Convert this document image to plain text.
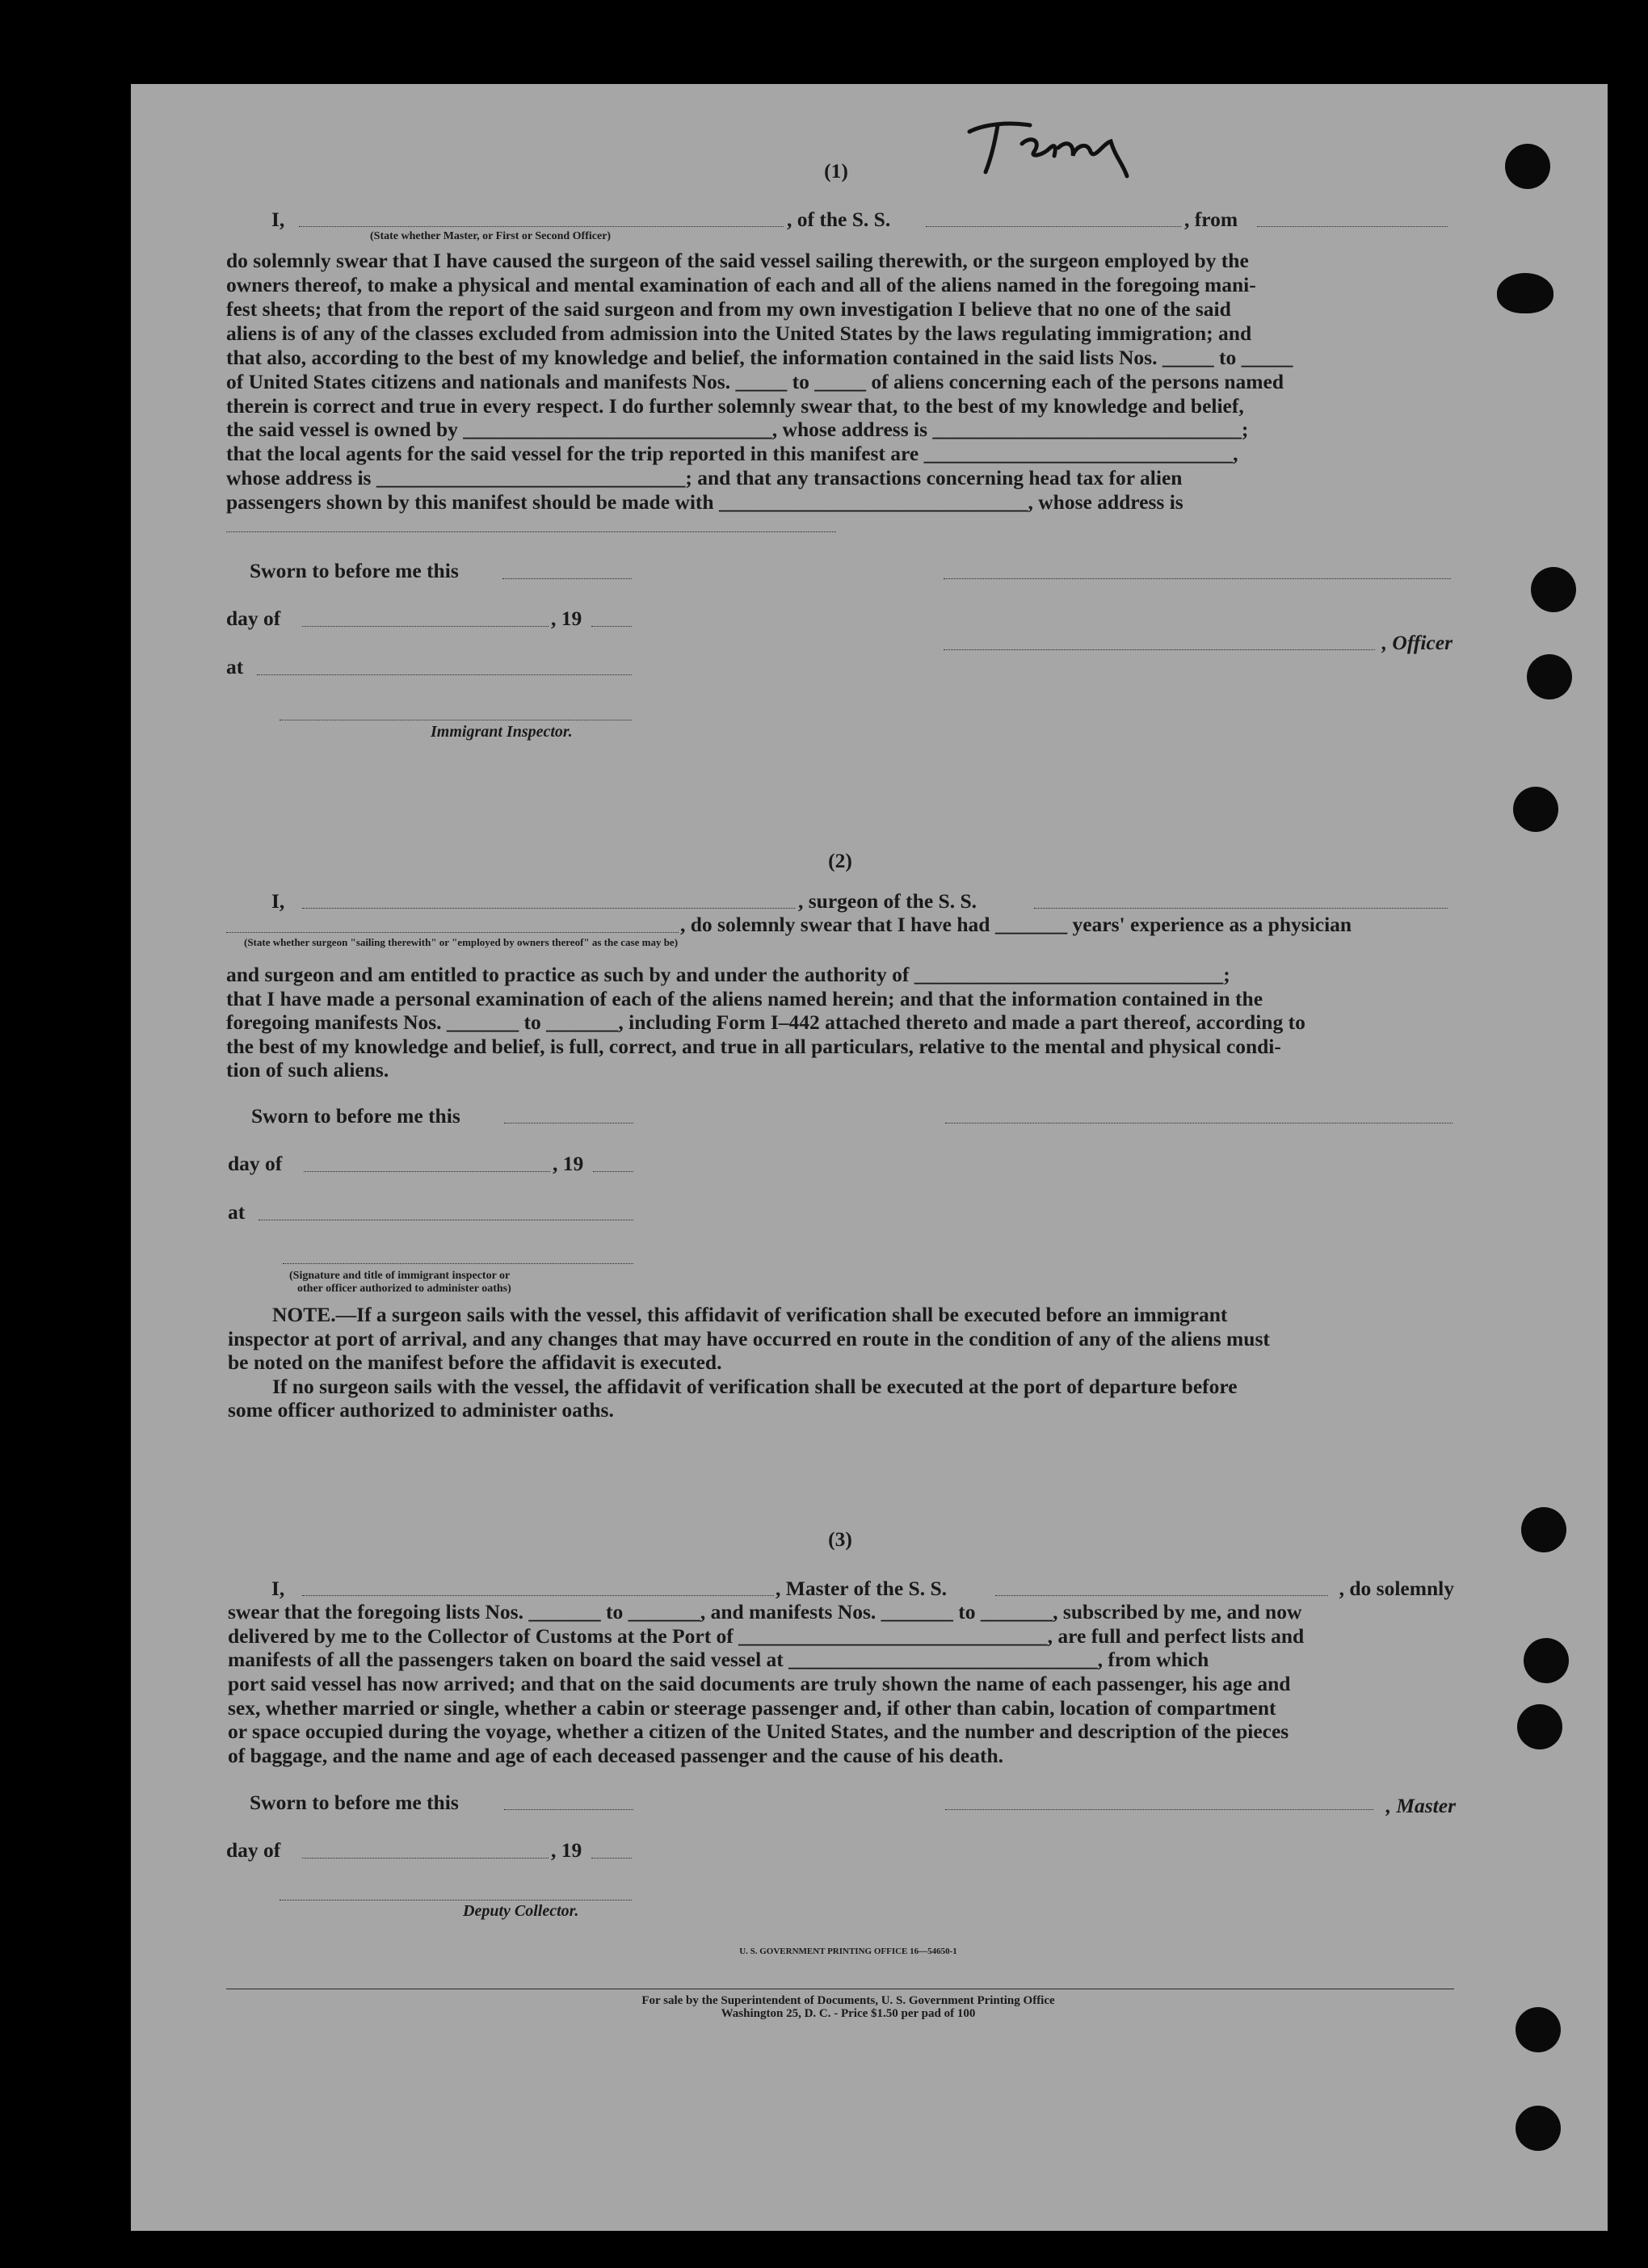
(1)
I,	, of the S. S.	, from
(State whether Master, or First or Second Officer)
do solemnly swear that I have caused the surgeon of the said vessel sailing therewith, or the surgeon employed by the
owners thereof, to make a physical and mental examination of each and all of the aliens named in the foregoing mani-
fest sheets; that from the report of the said surgeon and from my own investigation I believe that no one of the said
aliens is of any of the classes excluded from admission into the United States by the laws regulating immigration; and
that also, according to the best of my knowledge and belief, the information contained in the said lists Nos. _____ to _____
of United States citizens and nationals and manifests Nos. _____ to _____ of aliens concerning each of the persons named
therein is correct and true in every respect. I do further solemnly swear that, to the best of my knowledge and belief,
the said vessel is owned by ______________________________, whose address is ______________________________;
that the local agents for the said vessel for the trip reported in this manifest are ______________________________,
whose address is ______________________________; and that any transactions concerning head tax for alien
passengers shown by this manifest should be made with ______________________________, whose address is
Sworn to before me this
day of	, 19
, Officer
at
Immigrant Inspector.
(2)
I,	, surgeon of the S. S.
, do solemnly swear that I have had _______ years' experience as a physician
(State whether surgeon "sailing therewith" or "employed by owners thereof" as the case may be)
and surgeon and am entitled to practice as such by and under the authority of ______________________________;
that I have made a personal examination of each of the aliens named herein; and that the information contained in the
foregoing manifests Nos. _______ to _______, including Form I–442 attached thereto and made a part thereof, according to
the best of my knowledge and belief, is full, correct, and true in all particulars, relative to the mental and physical condi-
tion of such aliens.
Sworn to before me this
day of	, 19
at
(Signature and title of immigrant inspector or
other officer authorized to administer oaths)
NOTE.—If a surgeon sails with the vessel, this affidavit of verification shall be executed before an immigrant
inspector at port of arrival, and any changes that may have occurred en route in the condition of any of the aliens must
be noted on the manifest before the affidavit is executed.
If no surgeon sails with the vessel, the affidavit of verification shall be executed at the port of departure before
some officer authorized to administer oaths.
(3)
I,	, Master of the S. S.	, do solemnly
swear that the foregoing lists Nos. _______ to _______, and manifests Nos. _______ to _______, subscribed by me, and now
delivered by me to the Collector of Customs at the Port of ______________________________, are full and perfect lists and
manifests of all the passengers taken on board the said vessel at ______________________________, from which
port said vessel has now arrived; and that on the said documents are truly shown the name of each passenger, his age and
sex, whether married or single, whether a cabin or steerage passenger and, if other than cabin, location of compartment
or space occupied during the voyage, whether a citizen of the United States, and the number and description of the pieces
of baggage, and the name and age of each deceased passenger and the cause of his death.
Sworn to before me this	, Master
day of	, 19
Deputy Collector.
U. S. GOVERNMENT PRINTING OFFICE 16—54650-1
For sale by the Superintendent of Documents, U. S. Government Printing Office
Washington 25, D. C. - Price $1.50 per pad of 100
